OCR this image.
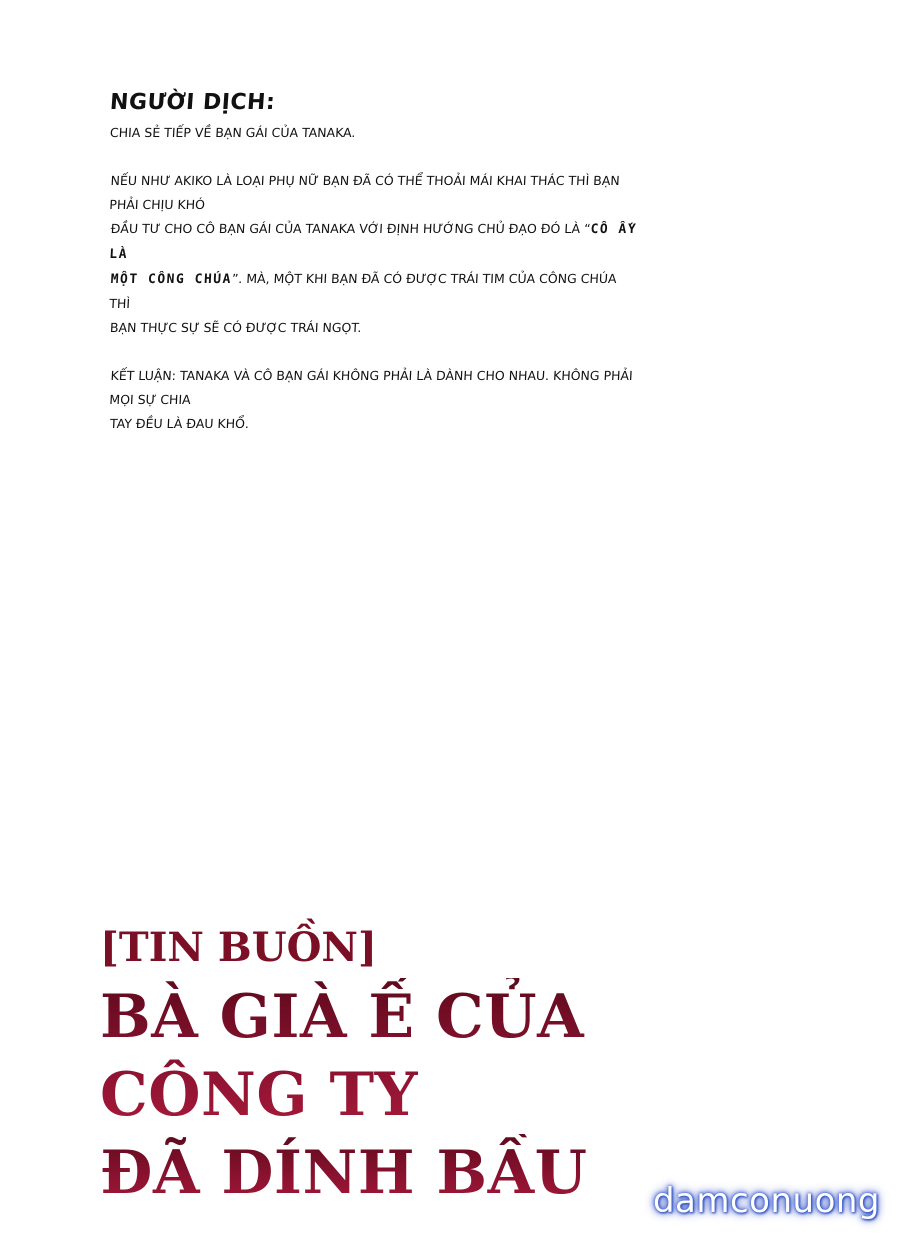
NGƯỜI DỊCH:

CHIA SẺ TIẾP VỀ BẠN GÁI CỦA TANAKA.

NẾU NHƯ AKIKO LÀ LOẠI PHỤ NỮ BẠN ĐÃ CÓ THỂ THOẢI MÁI KHAI THÁC THÌ BẠN PHẢI CHỊU KHÓ

ĐẦU TƯ CHO CÔ BẠN GÁI CỦA TANAKA VỚI ĐỊNH HƯỚNG CHỦ ĐẠO ĐÓ LÀ “CÔ ẤY LÀ

MỘT CÔNG CHÚA”. MÀ, MỘT KHI BẠN ĐÃ CÓ ĐƯỢC TRÁI TIM CỦA CÔNG CHÚA THÌ

BẠN THỰC SỰ SẼ CÓ ĐƯỢC TRÁI NGỌT.

KẾT LUẬN: TANAKA VÀ CÔ BẠN GÁI KHÔNG PHẢI LÀ DÀNH CHO NHAU. KHÔNG PHẢI MỌI SỰ CHIA

TAY ĐỀU LÀ ĐAU KHỔ.

[TIN BUỒN]

BÀ GIÀ Ế CỦA CÔNG TY

ĐÃ DÍNH BẦU	damconuong
